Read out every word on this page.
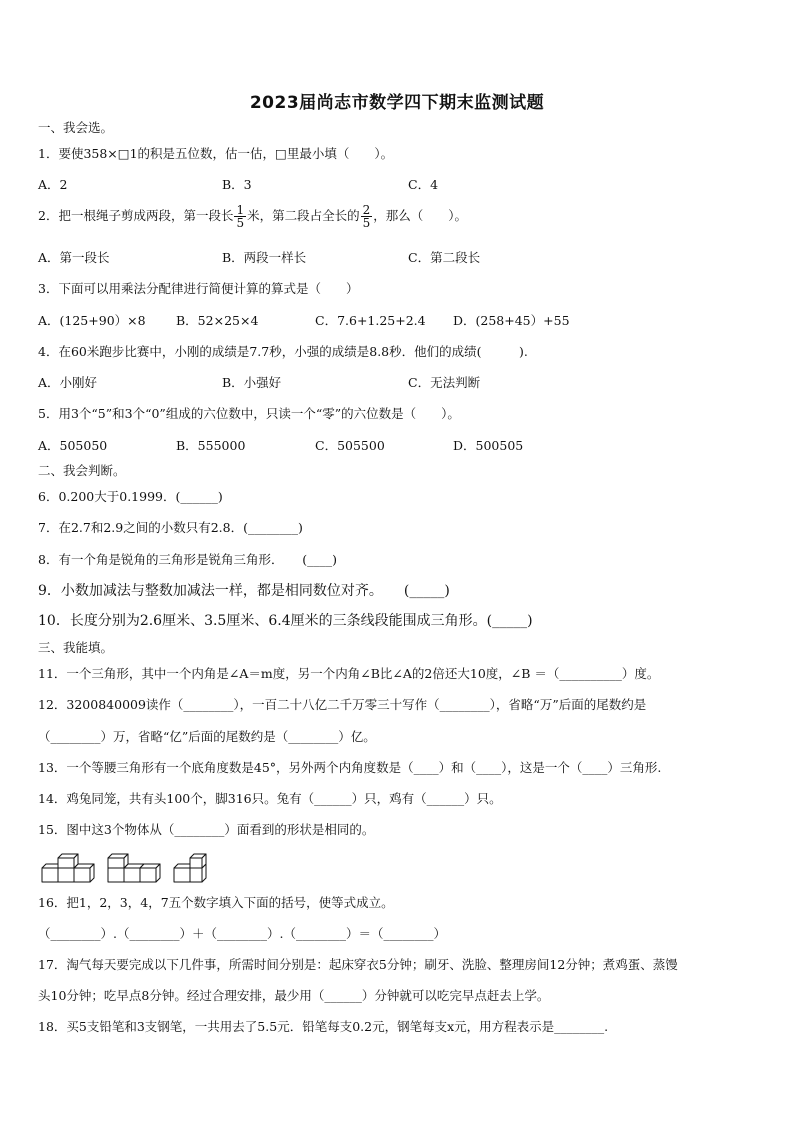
2023届尚志市数学四下期末监测试题
一、我会选。
1．要使358×□1的积是五位数，估一估，□里最小填（　　）。
A．2	B．3	C．4
2．把一根绳子剪成两段，第一段长 $\frac{1}{5}$ 米，第二段占全长的 $\frac{2}{5}$ ，那么（　　）。
A．第一段长	B．两段一样长	C．第二段长
3．下面可以用乘法分配律进行简便计算的算式是（　　）
A．(125+90）×8 B．52×25×4	C．7.6+1.25+2.4 D．(258+45）+55
4．在60米跑步比赛中，小刚的成绩是7.7秒，小强的成绩是8.8秒．他们的成绩(　　　).
A．小刚好	B．小强好	C．无法判断
5．用3个“5”和3个“0”组成的六位数中，只读一个“零”的六位数是（　　）。
A．505050	B．555000	C．505500	D．500505
二、我会判断。
6．0.200大于0.1999．(______)
7．在2.7和2.9之间的小数只有2.8．(________)
8．有一个角是锐角的三角形是锐角三角形．　　(____)
9．小数加减法与整数加减法一样，都是相同数位对齐。　　(_____)
10．长度分别为2.6厘米、3.5厘米、6.4厘米的三条线段能围成三角形。(_____)
三、我能填。
11．一个三角形，其中一个内角是∠A＝m度，另一个内角∠B比∠A的2倍还大10度，∠B ＝（__________）度。
12．3200840009读作（________），一百二十八亿二千万零三十写作（________），省略“万”后面的尾数约是
（________）万，省略“亿”后面的尾数约是（________）亿。
13．一个等腰三角形有一个底角度数是45°，另外两个内角度数是（____）和（____），这是一个（____）三角形.
14．鸡兔同笼，共有头100个，脚316只。兔有（______）只，鸡有（______）只。
15．图中这3个物体从（________）面看到的形状是相同的。
16．把1，2，3，4，7五个数字填入下面的括号，使等式成立。
（________）.（________）＋（________）.（________）＝（________）
17．淘气每天要完成以下几件事，所需时间分别是：起床穿衣5分钟；刷牙、洗脸、整理房间12分钟；煮鸡蛋、蒸馒
头10分钟；吃早点8分钟。经过合理安排，最少用（______）分钟就可以吃完早点赶去上学。
18．买5支铅笔和3支钢笔，一共用去了5.5元．铅笔每支0.2元，钢笔每支x元，用方程表示是________.
